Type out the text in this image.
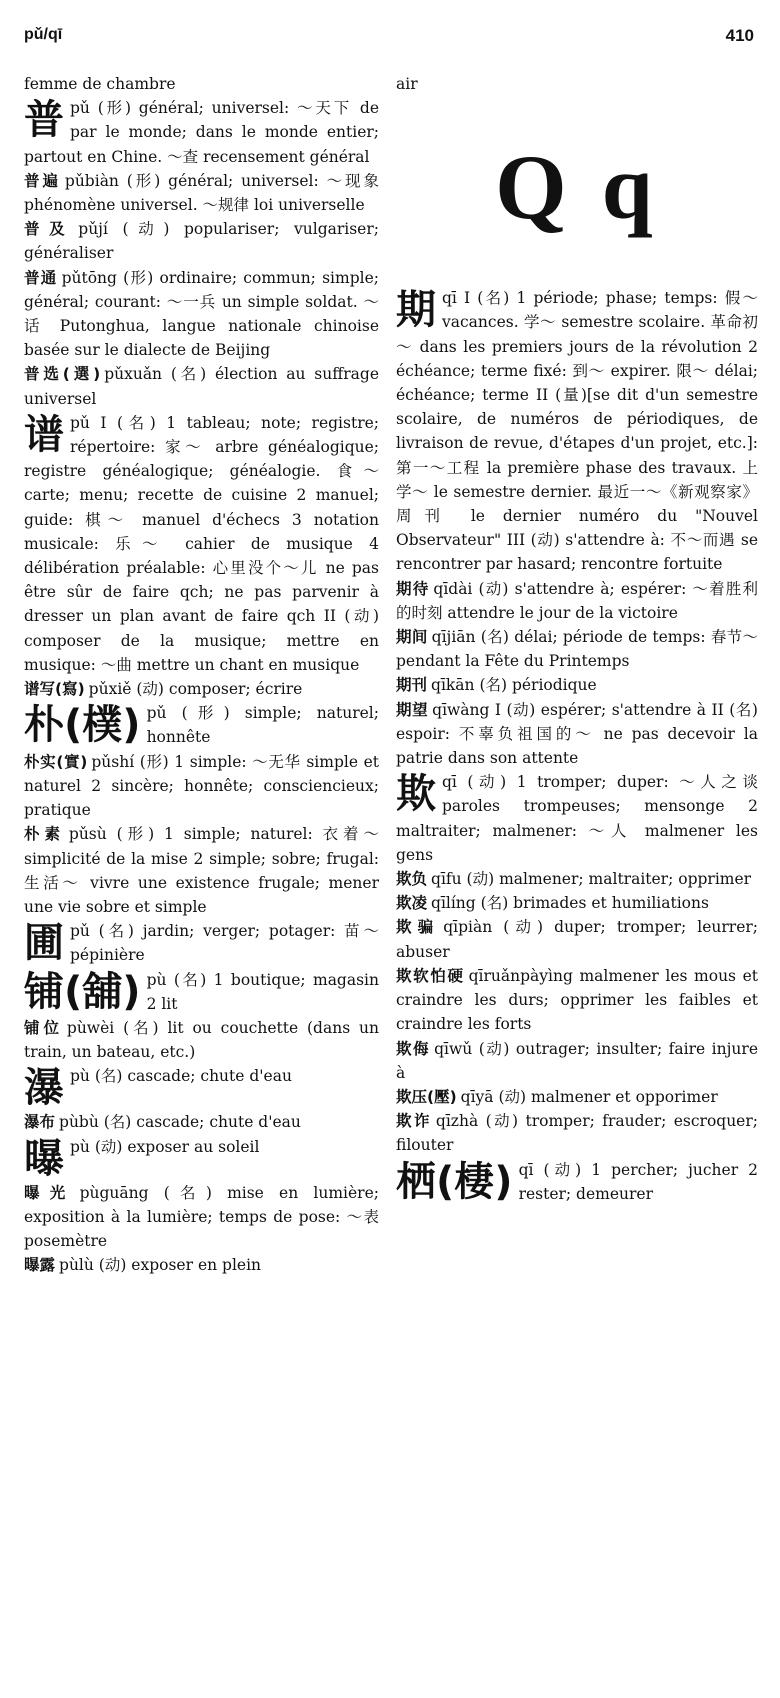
pǔ/qī	410

femme de chambre

普pǔ (形) général; universel: ～天下 de par le monde; dans le monde entier; partout en Chine. ～查 recensement général

普遍 pǔbiàn (形) général; universel: ～现象 phénomène universel. ～规律 loi universelle

普及 pǔjí (动) populariser; vulgariser; généraliser

普通 pǔtōng (形) ordinaire; commun; simple; général; courant: ～一兵 un simple soldat. ～话 Putonghua, langue nationale chinoise basée sur le dialecte de Beijing

普选(選) pǔxuǎn (名) élection au suffrage universel

谱pǔ I (名) 1 tableau; note; registre; répertoire: 家～ arbre généalogique; registre généalogique; généalogie. 食～ carte; menu; recette de cuisine 2 manuel; guide: 棋～ manuel d'échecs 3 notation musicale: 乐～ cahier de musique 4 délibération préalable: 心里没个～儿 ne pas être sûr de faire qch; ne pas parvenir à dresser un plan avant de faire qch II (动) composer de la musique; mettre en musique: ～曲 mettre un chant en musique

谱写(寫) pǔxiě (动) composer; écrire

朴(樸) pǔ (形) simple; naturel; honnête

朴实(實) pǔshí (形) 1 simple: ～无华 simple et naturel 2 sincère; honnête; consciencieux; pratique

朴素 pǔsù (形) 1 simple; naturel: 衣着～ simplicité de la mise 2 simple; sobre; frugal: 生活～ vivre une existence frugale; mener une vie sobre et simple

圃pǔ (名) jardin; verger; potager: 苗～ pépinière

铺(舖) pù (名) 1 boutique; magasin 2 lit

铺位 pùwèi (名) lit ou couchette (dans un train, un bateau, etc.)

瀑pù (名) cascade; chute d'eau

瀑布 pùbù (名) cascade; chute d'eau

曝pù (动) exposer au soleil

曝光 pùguāng (名) mise en lumière; exposition à la lumière; temps de pose: ～表 posemètre

曝露 pùlù (动) exposer en plein

air

Q q

期qī I (名) 1 période; phase; temps: 假～ vacances. 学～ semestre scolaire. 革命初～ dans les premiers jours de la révolution 2 échéance; terme fixé: 到～ expirer. 限～ délai; échéance; terme II (量)[se dit d'un semestre scolaire, de numéros de périodiques, de livraison de revue, d'étapes d'un projet, etc.]: 第一～工程 la première phase des travaux. 上学～ le semestre dernier. 最近一～《新观察家》周刊 le dernier numéro du "Nouvel Observateur" III (动) s'attendre à: 不～而遇 se rencontrer par hasard; rencontre fortuite

期待 qīdài (动) s'attendre à; espérer: ～着胜利的时刻 attendre le jour de la victoire

期间 qījiān (名) délai; période de temps: 春节～ pendant la Fête du Printemps

期刊 qīkān (名) périodique

期望 qīwàng I (动) espérer; s'attendre à II (名) espoir: 不辜负祖国的～ ne pas decevoir la patrie dans son attente

欺qī (动) 1 tromper; duper: ～人之谈 paroles trompeuses; mensonge 2 maltraiter; malmener: ～人 malmener les gens

欺负 qīfu (动) malmener; maltraiter; opprimer

欺凌 qīlíng (名) brimades et humiliations

欺骗 qīpiàn (动) duper; tromper; leurrer; abuser

欺软怕硬 qīruǎnpàyìng malmener les mous et craindre les durs; opprimer les faibles et craindre les forts

欺侮 qīwǔ (动) outrager; insulter; faire injure à

欺压(壓) qīyā (动) malmener et opporimer

欺诈 qīzhà (动) tromper; frauder; escroquer; filouter

栖(棲) qī (动) 1 percher; jucher 2 rester; demeurer
